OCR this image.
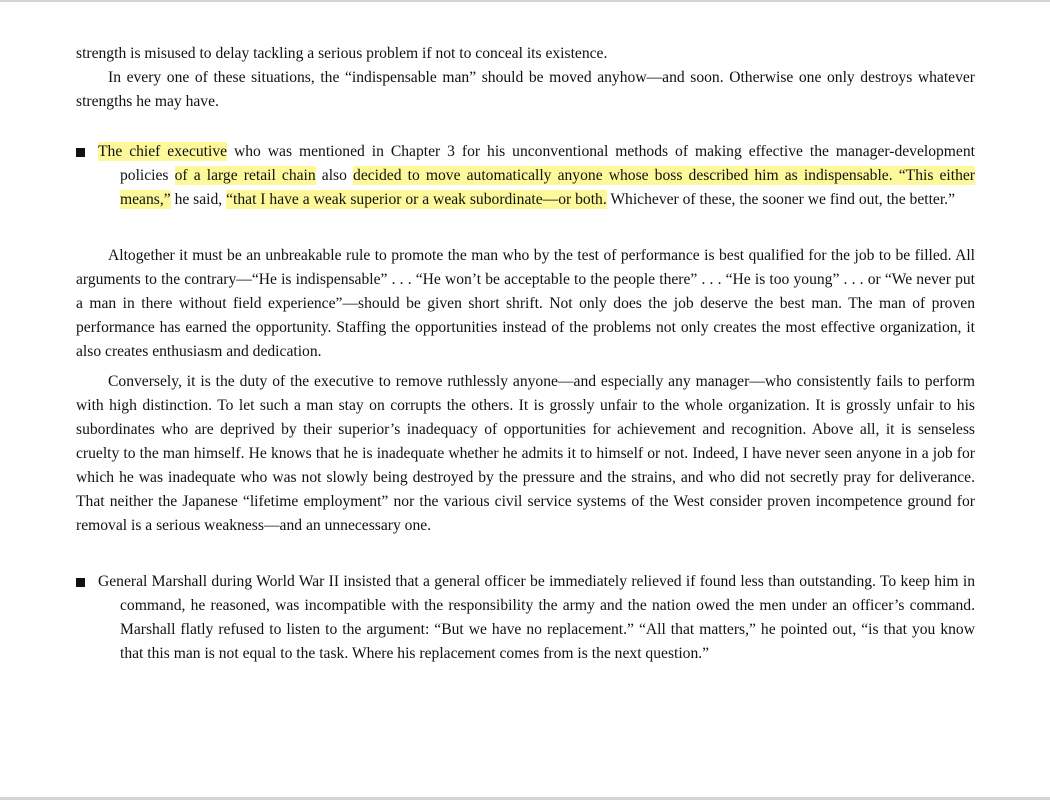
strength is misused to delay tackling a serious problem if not to conceal its existence.

In every one of these situations, the “indispensable man” should be moved anyhow—and soon. Otherwise one only destroys whatever strengths he may have.

The chief executive who was mentioned in Chapter 3 for his unconventional methods of making effective the manager-development policies of a large retail chain also decided to move automatically anyone whose boss described him as indispensable. “This either means,” he said, “that I have a weak superior or a weak subordinate—or both. Whichever of these, the sooner we find out, the better.”

Altogether it must be an unbreakable rule to promote the man who by the test of performance is best qualified for the job to be filled. All arguments to the contrary—“He is indispensable” . . . “He won’t be acceptable to the people there” . . . “He is too young” . . . or “We never put a man in there without field experience”—should be given short shrift. Not only does the job deserve the best man. The man of proven performance has earned the opportunity. Staffing the opportunities instead of the problems not only creates the most effective organization, it also creates enthusiasm and dedication.

Conversely, it is the duty of the executive to remove ruthlessly anyone—and especially any manager—who consistently fails to perform with high distinction. To let such a man stay on corrupts the others. It is grossly unfair to the whole organization. It is grossly unfair to his subordinates who are deprived by their superior’s inadequacy of opportunities for achievement and recognition. Above all, it is senseless cruelty to the man himself. He knows that he is inadequate whether he admits it to himself or not. Indeed, I have never seen anyone in a job for which he was inadequate who was not slowly being destroyed by the pressure and the strains, and who did not secretly pray for deliverance. That neither the Japanese “lifetime employment” nor the various civil service systems of the West consider proven incompetence ground for removal is a serious weakness—and an unnecessary one.

General Marshall during World War II insisted that a general officer be immediately relieved if found less than outstanding. To keep him in command, he reasoned, was incompatible with the responsibility the army and the nation owed the men under an officer’s command. Marshall flatly refused to listen to the argument: “But we have no replacement.” “All that matters,” he pointed out, “is that you know that this man is not equal to the task. Where his replacement comes from is the next question.”
